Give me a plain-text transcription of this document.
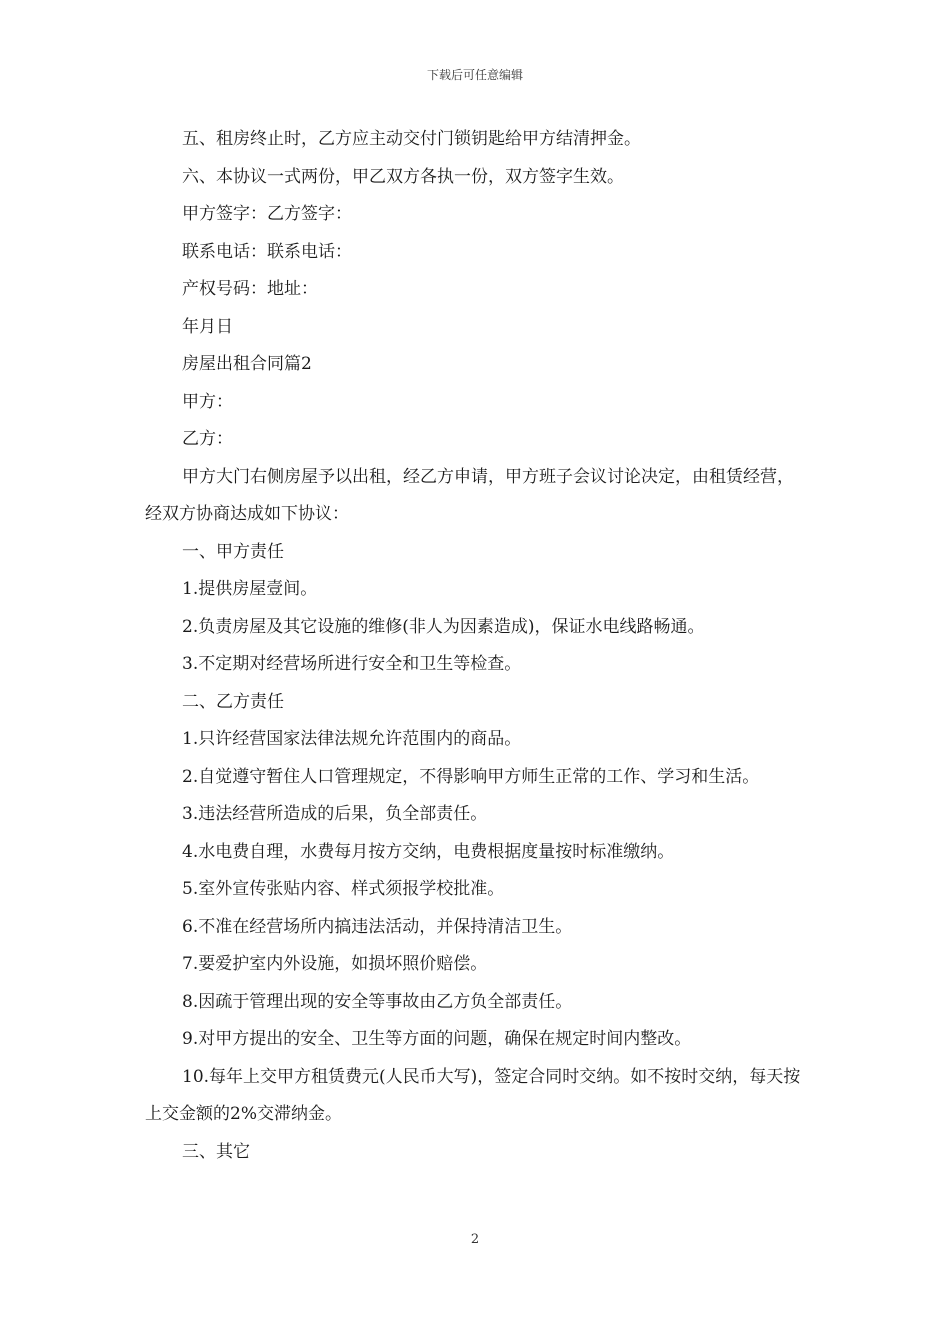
下载后可任意编辑

五、租房终止时，乙方应主动交付门锁钥匙给甲方结清押金。

六、本协议一式两份，甲乙双方各执一份，双方签字生效。

甲方签字：乙方签字：

联系电话：联系电话：

产权号码：地址：

年月日

房屋出租合同篇2

甲方：

乙方：

甲方大门右侧房屋予以出租，经乙方申请，甲方班子会议讨论决定，由租赁经营，经双方协商达成如下协议：

一、甲方责任

1.提供房屋壹间。

2.负责房屋及其它设施的维修(非人为因素造成)，保证水电线路畅通。

3.不定期对经营场所进行安全和卫生等检查。

二、乙方责任

1.只许经营国家法律法规允许范围内的商品。

2.自觉遵守暂住人口管理规定，不得影响甲方师生正常的工作、学习和生活。

3.违法经营所造成的后果，负全部责任。

4.水电费自理，水费每月按方交纳，电费根据度量按时标准缴纳。

5.室外宣传张贴内容、样式须报学校批准。

6.不准在经营场所内搞违法活动，并保持清洁卫生。

7.要爱护室内外设施，如损坏照价赔偿。

8.因疏于管理出现的安全等事故由乙方负全部责任。

9.对甲方提出的安全、卫生等方面的问题，确保在规定时间内整改。

10.每年上交甲方租赁费元(人民币大写)，签定合同时交纳。如不按时交纳，每天按上交金额的2%交滞纳金。

三、其它

2
